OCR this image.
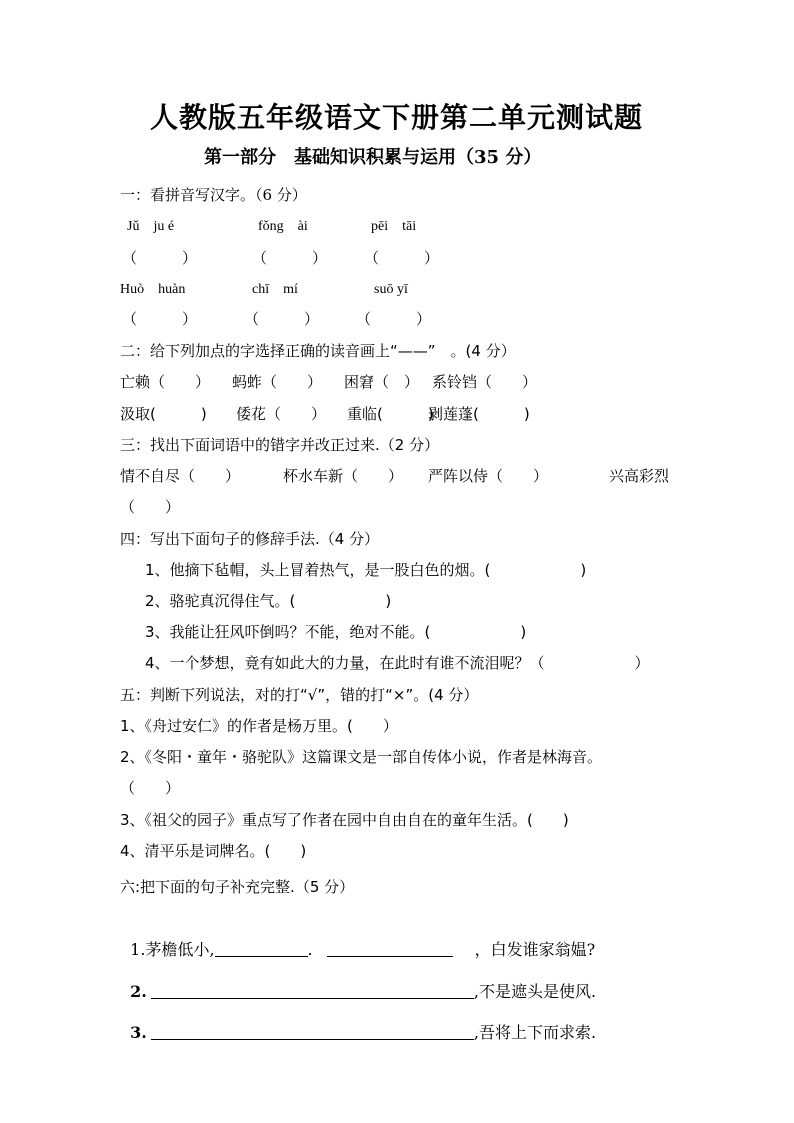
人教版五年级语文下册第二单元测试题
第一部分　基础知识积累与运用（35 分）
一：看拼音写汉字。（6 分）
Jǔ　ju é	fǒng　ài	pēi　tāi
（　　　）	（　　　） （　　　）
Huò　huàn	chī　mí	suō yī
（　　　）	（　　　） （　　　）
二：给下列加点的字选择正确的读音画上“——”　。(4 分）
亡赖（　　） 蚂蚱（　　） 困窘（　） 系铃铛（　　）
汲取(　　　) 倭花（　　） 重临(　　　)
剥莲蓬(　　　)
三：找出下面词语中的错字并改正过来.（2 分）
情不自尽（　　）	杯水车新（　　） 严阵以侍（　　）	兴高彩烈
（　　）
四：写出下面句子的修辞手法.（4 分）
1、他摘下毡帽，头上冒着热气，是一股白色的烟。(　　　　　　)
2、骆驼真沉得住气。(　　　　　　)
3、我能让狂风吓倒吗？不能，绝对不能。(　　　　　　)
4、一个梦想，竟有如此大的力量，在此时有谁不流泪呢？（　　　　　　）
五：判断下列说法，对的打“√”，错的打“×”。(4 分）
1、《舟过安仁》的作者是杨万里。(　　）
2、《冬阳・童年・骆驼队》这篇课文是一部自传体小说，作者是林海音。
（　　）
3、《祖父的园子》重点写了作者在园中自由自在的童年生活。(　　)
4、清平乐是词牌名。(　　)
六:把下面的句子补充完整.（5 分）

1.茅檐低小,	.	，白发谁家翁媪?

2.	,不是遮头是使风.

3.	,吾将上下而求索.
